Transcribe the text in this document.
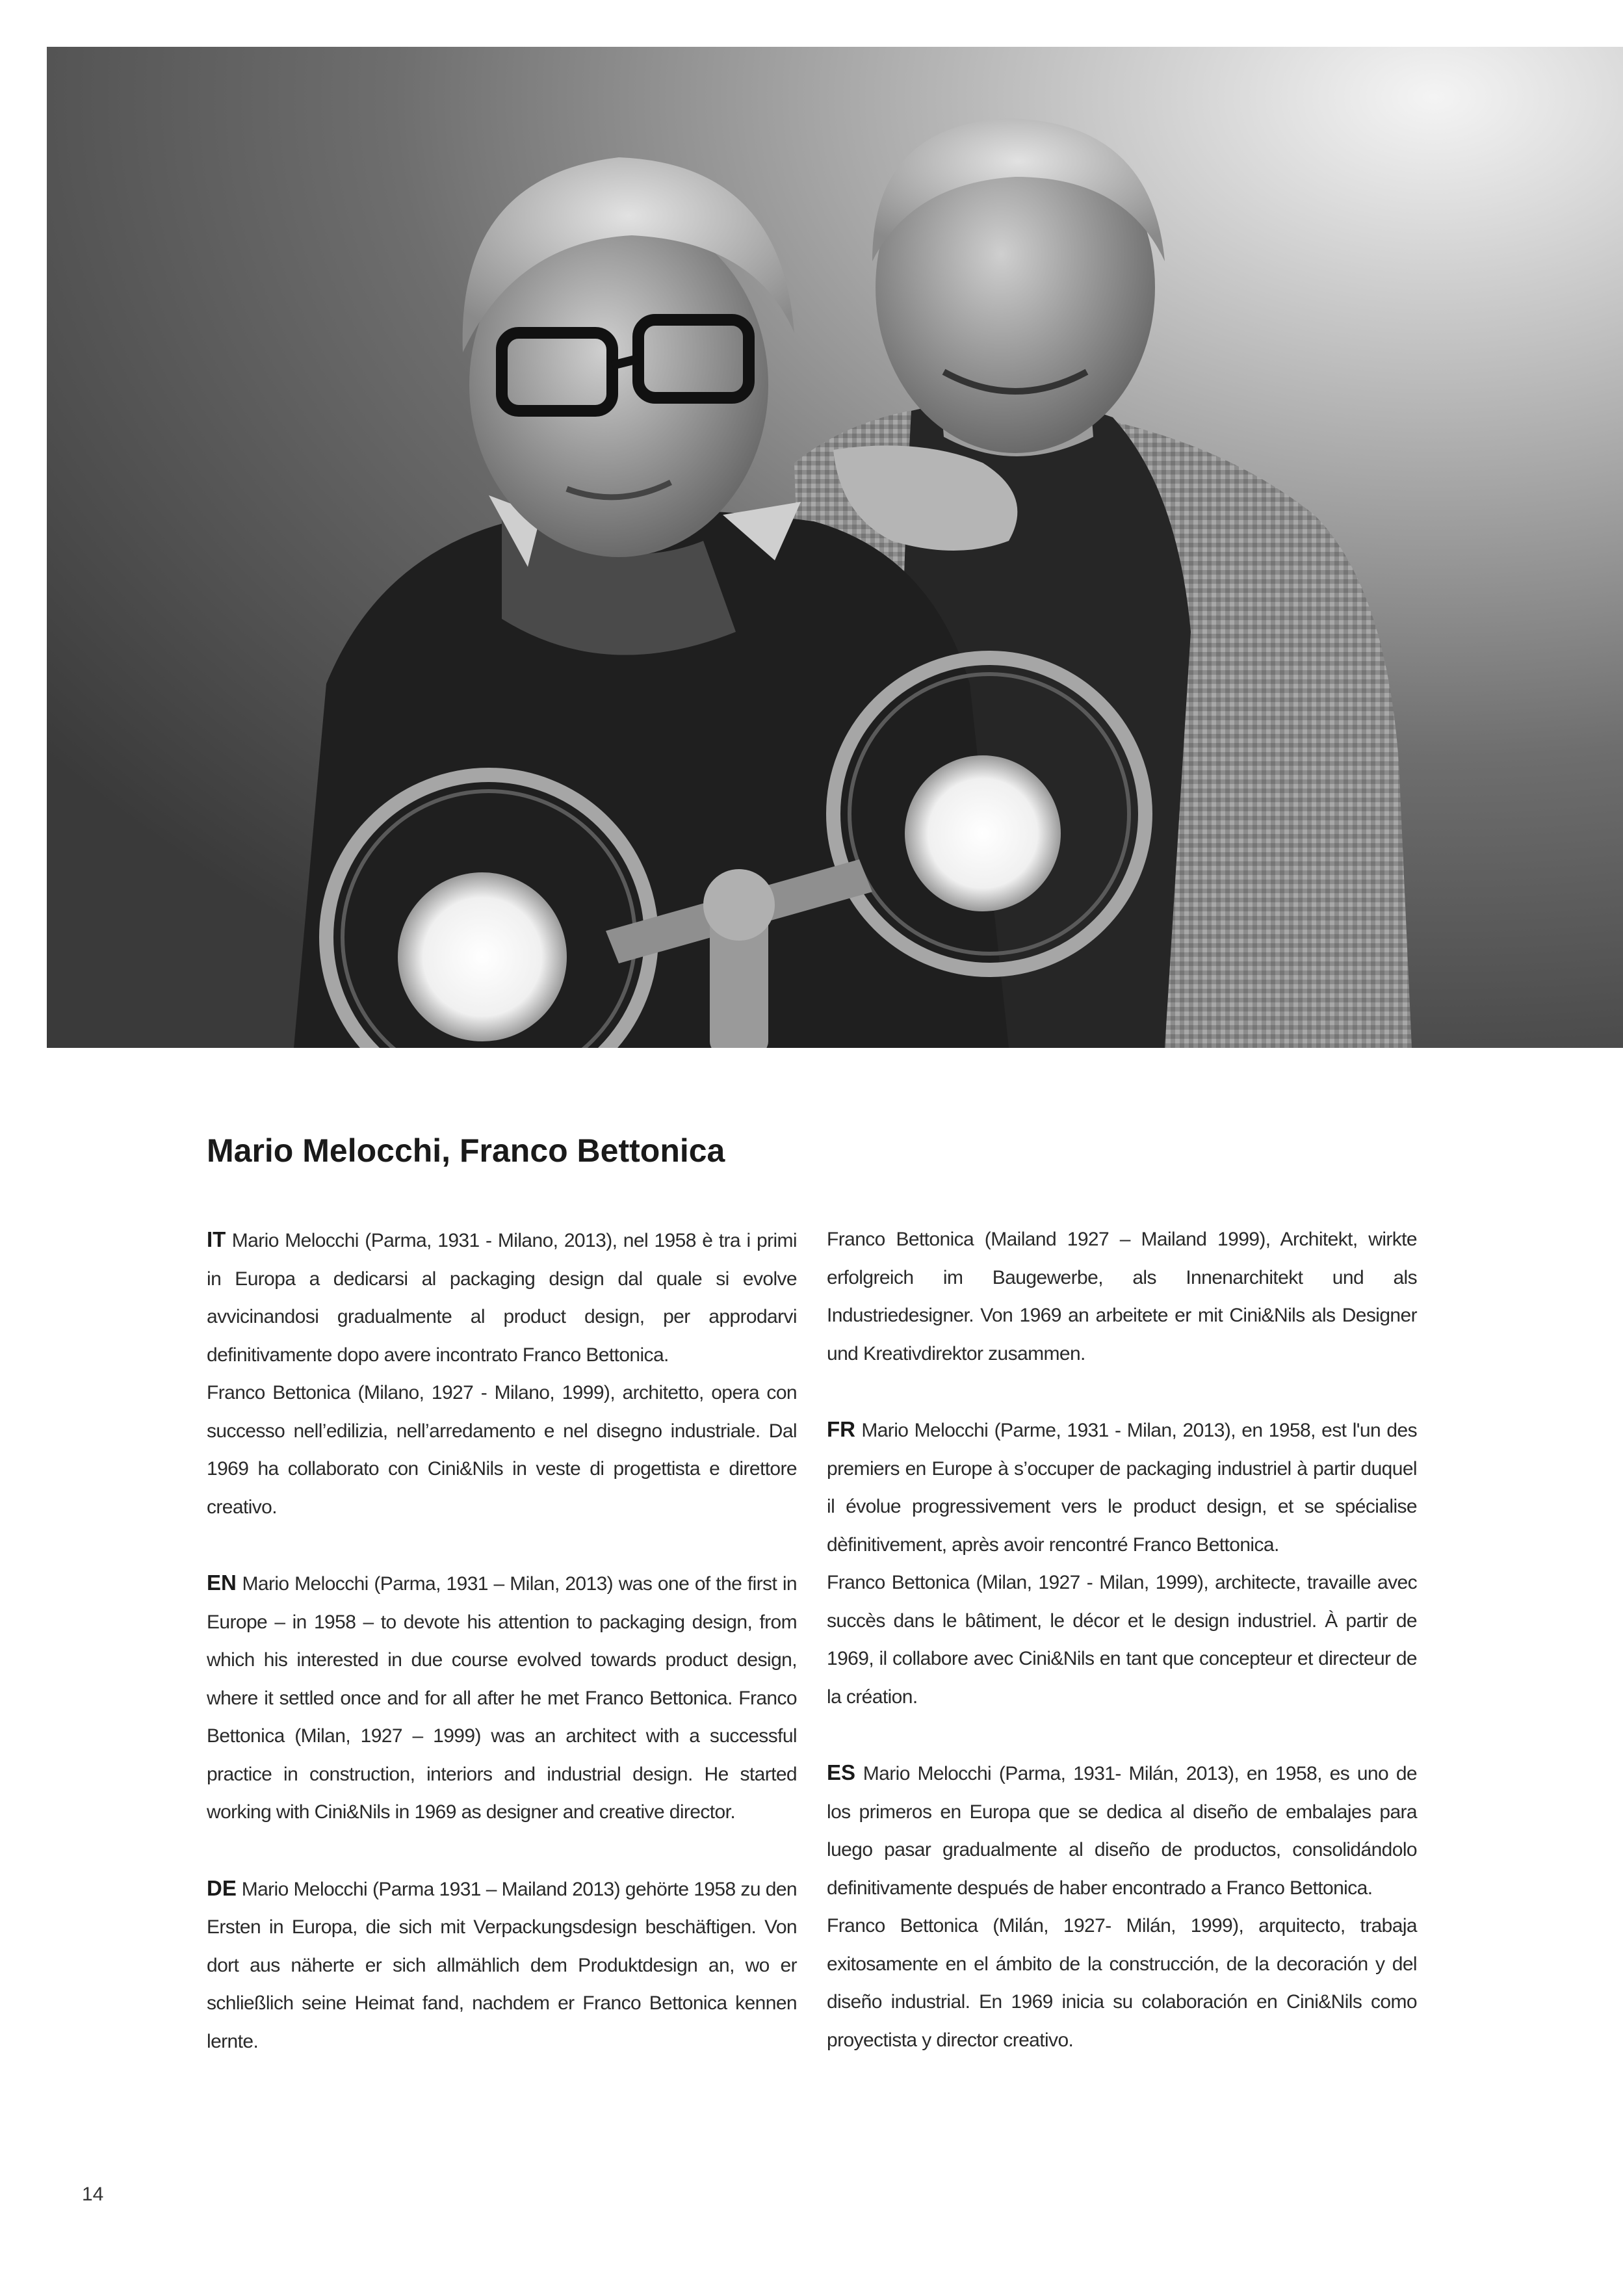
Mario Melocchi, Franco Bettonica

IT Mario Melocchi (Parma, 1931 - Milano, 2013), nel 1958 è tra i primi in Europa a dedicarsi al packaging design dal quale si evolve avvicinandosi gradualmente al product design, per approdarvi definitivamente dopo avere incontrato Franco Bettonica.
Franco Bettonica (Milano, 1927 - Milano, 1999), architetto, opera con successo nell’edilizia, nell’arredamento e nel disegno industriale. Dal 1969 ha collaborato con Cini&Nils in veste di progettista e direttore creativo.

EN Mario Melocchi (Parma, 1931 – Milan, 2013) was one of the first in Europe – in 1958 – to devote his attention to packaging design, from which his interested in due course evolved towards product design, where it settled once and for all after he met Franco Bettonica. Franco Bettonica (Milan, 1927 – 1999) was an architect with a successful practice in construction, interiors and industrial design. He started working with Cini&Nils in 1969 as designer and creative director.

DE Mario Melocchi (Parma 1931 – Mailand 2013) gehörte 1958 zu den Ersten in Europa, die sich mit Verpackungsdesign beschäftigen. Von dort aus näherte er sich allmählich dem Produktdesign an, wo er schließlich seine Heimat fand, nachdem er Franco Bettonica kennen lernte.

Franco Bettonica (Mailand 1927 – Mailand 1999), Architekt, wirkte erfolgreich im Baugewerbe, als Innenarchitekt und als Industriedesigner. Von 1969 an arbeitete er mit Cini&Nils als Designer und Kreativdirektor zusammen.

FR Mario Melocchi (Parme, 1931 - Milan, 2013), en 1958, est l'un des premiers en Europe à s’occuper de packaging industriel à partir duquel il évolue progressivement vers le product design, et se spécialise dèfinitivement, après avoir rencontré Franco Bettonica.
Franco Bettonica (Milan, 1927 - Milan, 1999), architecte, travaille avec succès dans le bâtiment, le décor et le design industriel. À partir de 1969, il collabore avec Cini&Nils en tant que concepteur et directeur de la création.

ES Mario Melocchi (Parma, 1931- Milán, 2013), en 1958, es uno de los primeros en Europa que se dedica al diseño de embalajes para luego pasar gradualmente al diseño de productos, consolidándolo definitivamente después de haber encontrado a Franco Bettonica.
Franco Bettonica (Milán, 1927- Milán, 1999), arquitecto, trabaja exitosamente en el ámbito de la construcción, de la decoración y del diseño industrial. En 1969 inicia su colaboración en Cini&Nils como proyectista y director creativo.

14
